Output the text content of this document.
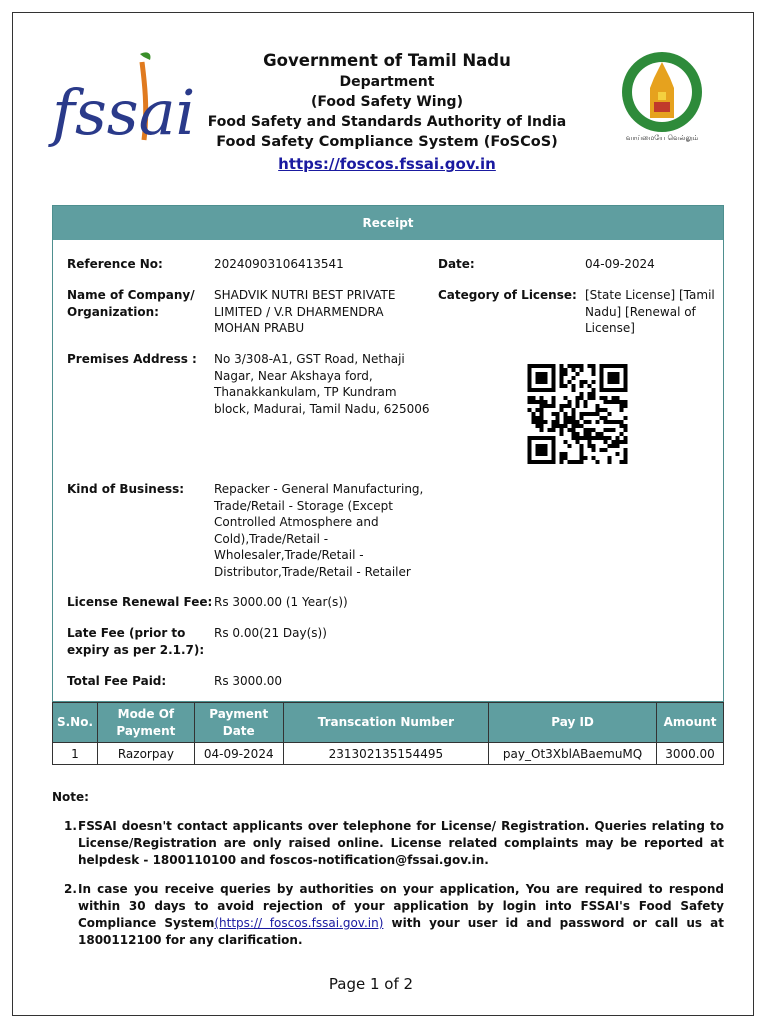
fssai	வாய்மையே வெல்லும்
Government of Tamil Nadu
Department
(Food Safety Wing)
Food Safety and Standards Authority of India
Food Safety Compliance System (FoSCoS)
https://foscos.fssai.gov.in
Receipt
Reference No:	20240903106413541	Date:	04-09-2024
Name of Company/
Organization:
SHADVIK NUTRI BEST PRIVATE
LIMITED / V.R DHARMENDRA
MOHAN PRABU
Category of License: [State License] [Tamil
Nadu] [Renewal of
License]
Premises Address : No 3/308-A1, GST Road, Nethaji
Nagar, Near Akshaya ford,
Thanakkankulam, TP Kundram
block, Madurai, Tamil Nadu, 625006
Kind of Business: Repacker - General Manufacturing,
Trade/Retail - Storage (Except
Controlled Atmosphere and
Cold),Trade/Retail -
Wholesaler,Trade/Retail -
Distributor,Trade/Retail - Retailer
License Renewal Fee: Rs 3000.00 (1 Year(s))
Late Fee (prior to
expiry as per 2.1.7):
Rs 0.00(21 Day(s))
Total Fee Paid:	Rs 3000.00
S.No.	Mode Of Payment	Payment Date	Transcation Number	Pay ID	Amount
1	Razorpay	04-09-2024	231302135154495	pay_Ot3XblABaemuMQ	3000.00
Note:
1. FSSAI doesn't contact applicants over telephone for License/ Registration. Queries relating to License/Registration are only raised online. License related complaints may be reported at helpdesk - 1800110100 and foscos-notification@fssai.gov.in.
2. In case you receive queries by authorities on your application, You are required to respond within 30 days to avoid rejection of your application by login into FSSAI's Food Safety Compliance System(https:// foscos.fssai.gov.in) with your user id and password or call us at 1800112100 for any clarification.
Page 1 of 2
